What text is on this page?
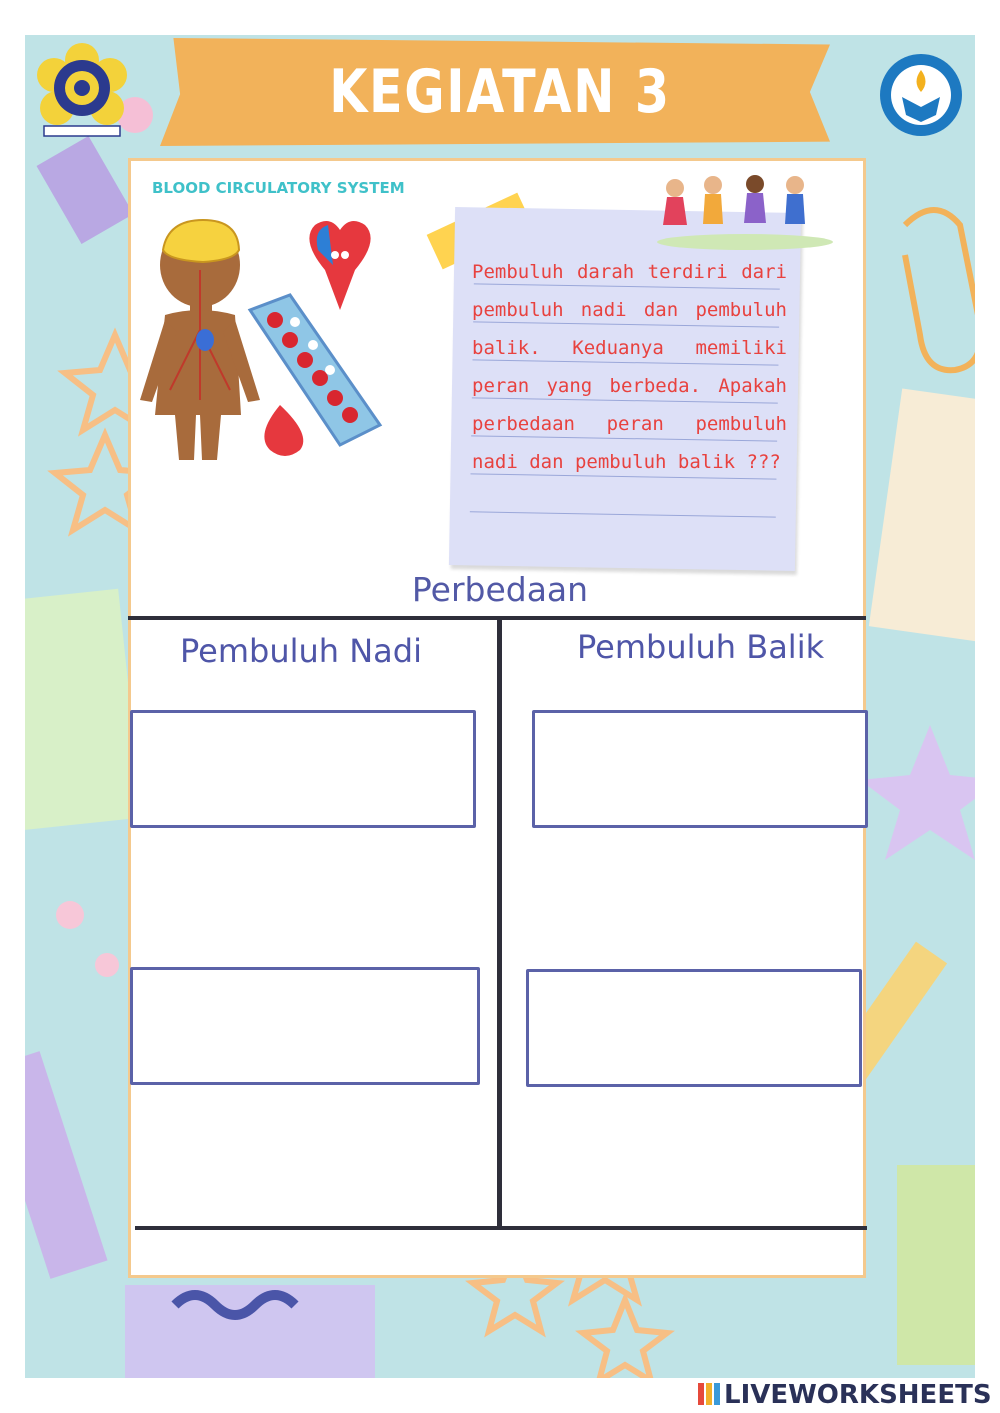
KEGIATAN 3
BLOOD CIRCULATORY SYSTEM
Pembuluh darah terdiri dari pembuluh nadi dan pembuluh balik. Keduanya memiliki peran yang berbeda. Apakah perbedaan peran pembuluh nadi dan pembuluh balik ???
Perbedaan
Pembuluh Nadi	Pembuluh Balik
LIVEWORKSHEETS
